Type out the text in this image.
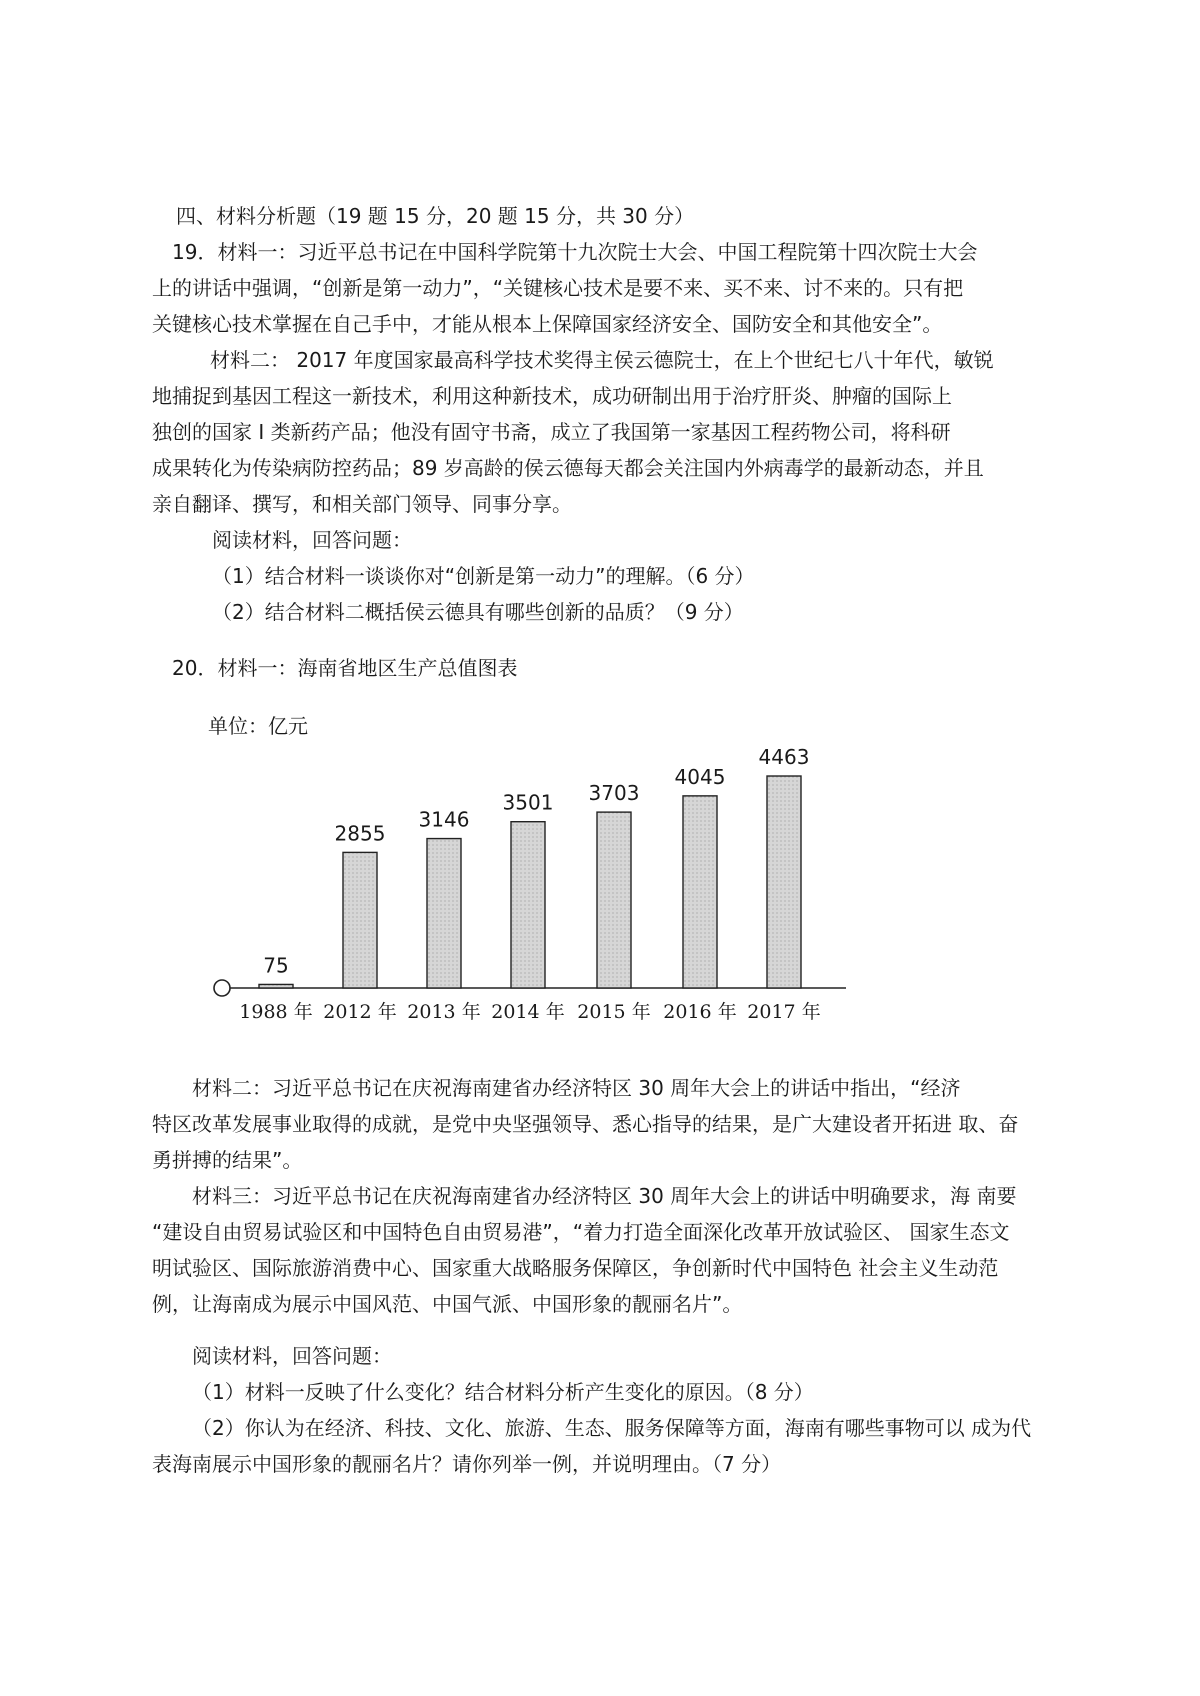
四、材料分析题（19 题 15 分，20 题 15 分，共 30 分）
19．材料一：习近平总书记在中国科学院第十九次院士大会、中国工程院第十四次院士大会
上的讲话中强调，“创新是第一动力”，“关键核心技术是要不来、买不来、讨不来的。只有把
关键核心技术掌握在自己手中，才能从根本上保障国家经济安全、国防安全和其他安全”。
材料二： 2017 年度国家最高科学技术奖得主侯云德院士，在上个世纪七八十年代，敏锐
地捕捉到基因工程这一新技术，利用这种新技术，成功研制出用于治疗肝炎、肿瘤的国际上
独创的国家 I 类新药产品；他没有固守书斋，成立了我国第一家基因工程药物公司，将科研
成果转化为传染病防控药品；89 岁高龄的侯云德每天都会关注国内外病毒学的最新动态，并且
亲自翻译、撰写，和相关部门领导、同事分享。
阅读材料，回答问题：
（1）结合材料一谈谈你对“创新是第一动力”的理解。（6 分）
（2）结合材料二概括侯云德具有哪些创新的品质？（9 分）
20．材料一：海南省地区生产总值图表
单位：亿元
75
1988 年
2855
2012 年
3146
2013 年
3501
2014 年
3703
2015 年
4045
2016 年
4463
2017 年
材料二：习近平总书记在庆祝海南建省办经济特区 30 周年大会上的讲话中指出，“经济
特区改革发展事业取得的成就，是党中央坚强领导、悉心指导的结果，是广大建设者开拓进 取、奋
勇拼搏的结果”。
材料三：习近平总书记在庆祝海南建省办经济特区 30 周年大会上的讲话中明确要求，海 南要
“建设自由贸易试验区和中国特色自由贸易港”，“着力打造全面深化改革开放试验区、 国家生态文
明试验区、国际旅游消费中心、国家重大战略服务保障区，争创新时代中国特色 社会主义生动范
例，让海南成为展示中国风范、中国气派、中国形象的靓丽名片”。
阅读材料，回答问题：
（1）材料一反映了什么变化？结合材料分析产生变化的原因。（8 分）
（2）你认为在经济、科技、文化、旅游、生态、服务保障等方面，海南有哪些事物可以 成为代
表海南展示中国形象的靓丽名片？请你列举一例，并说明理由。（7 分）
